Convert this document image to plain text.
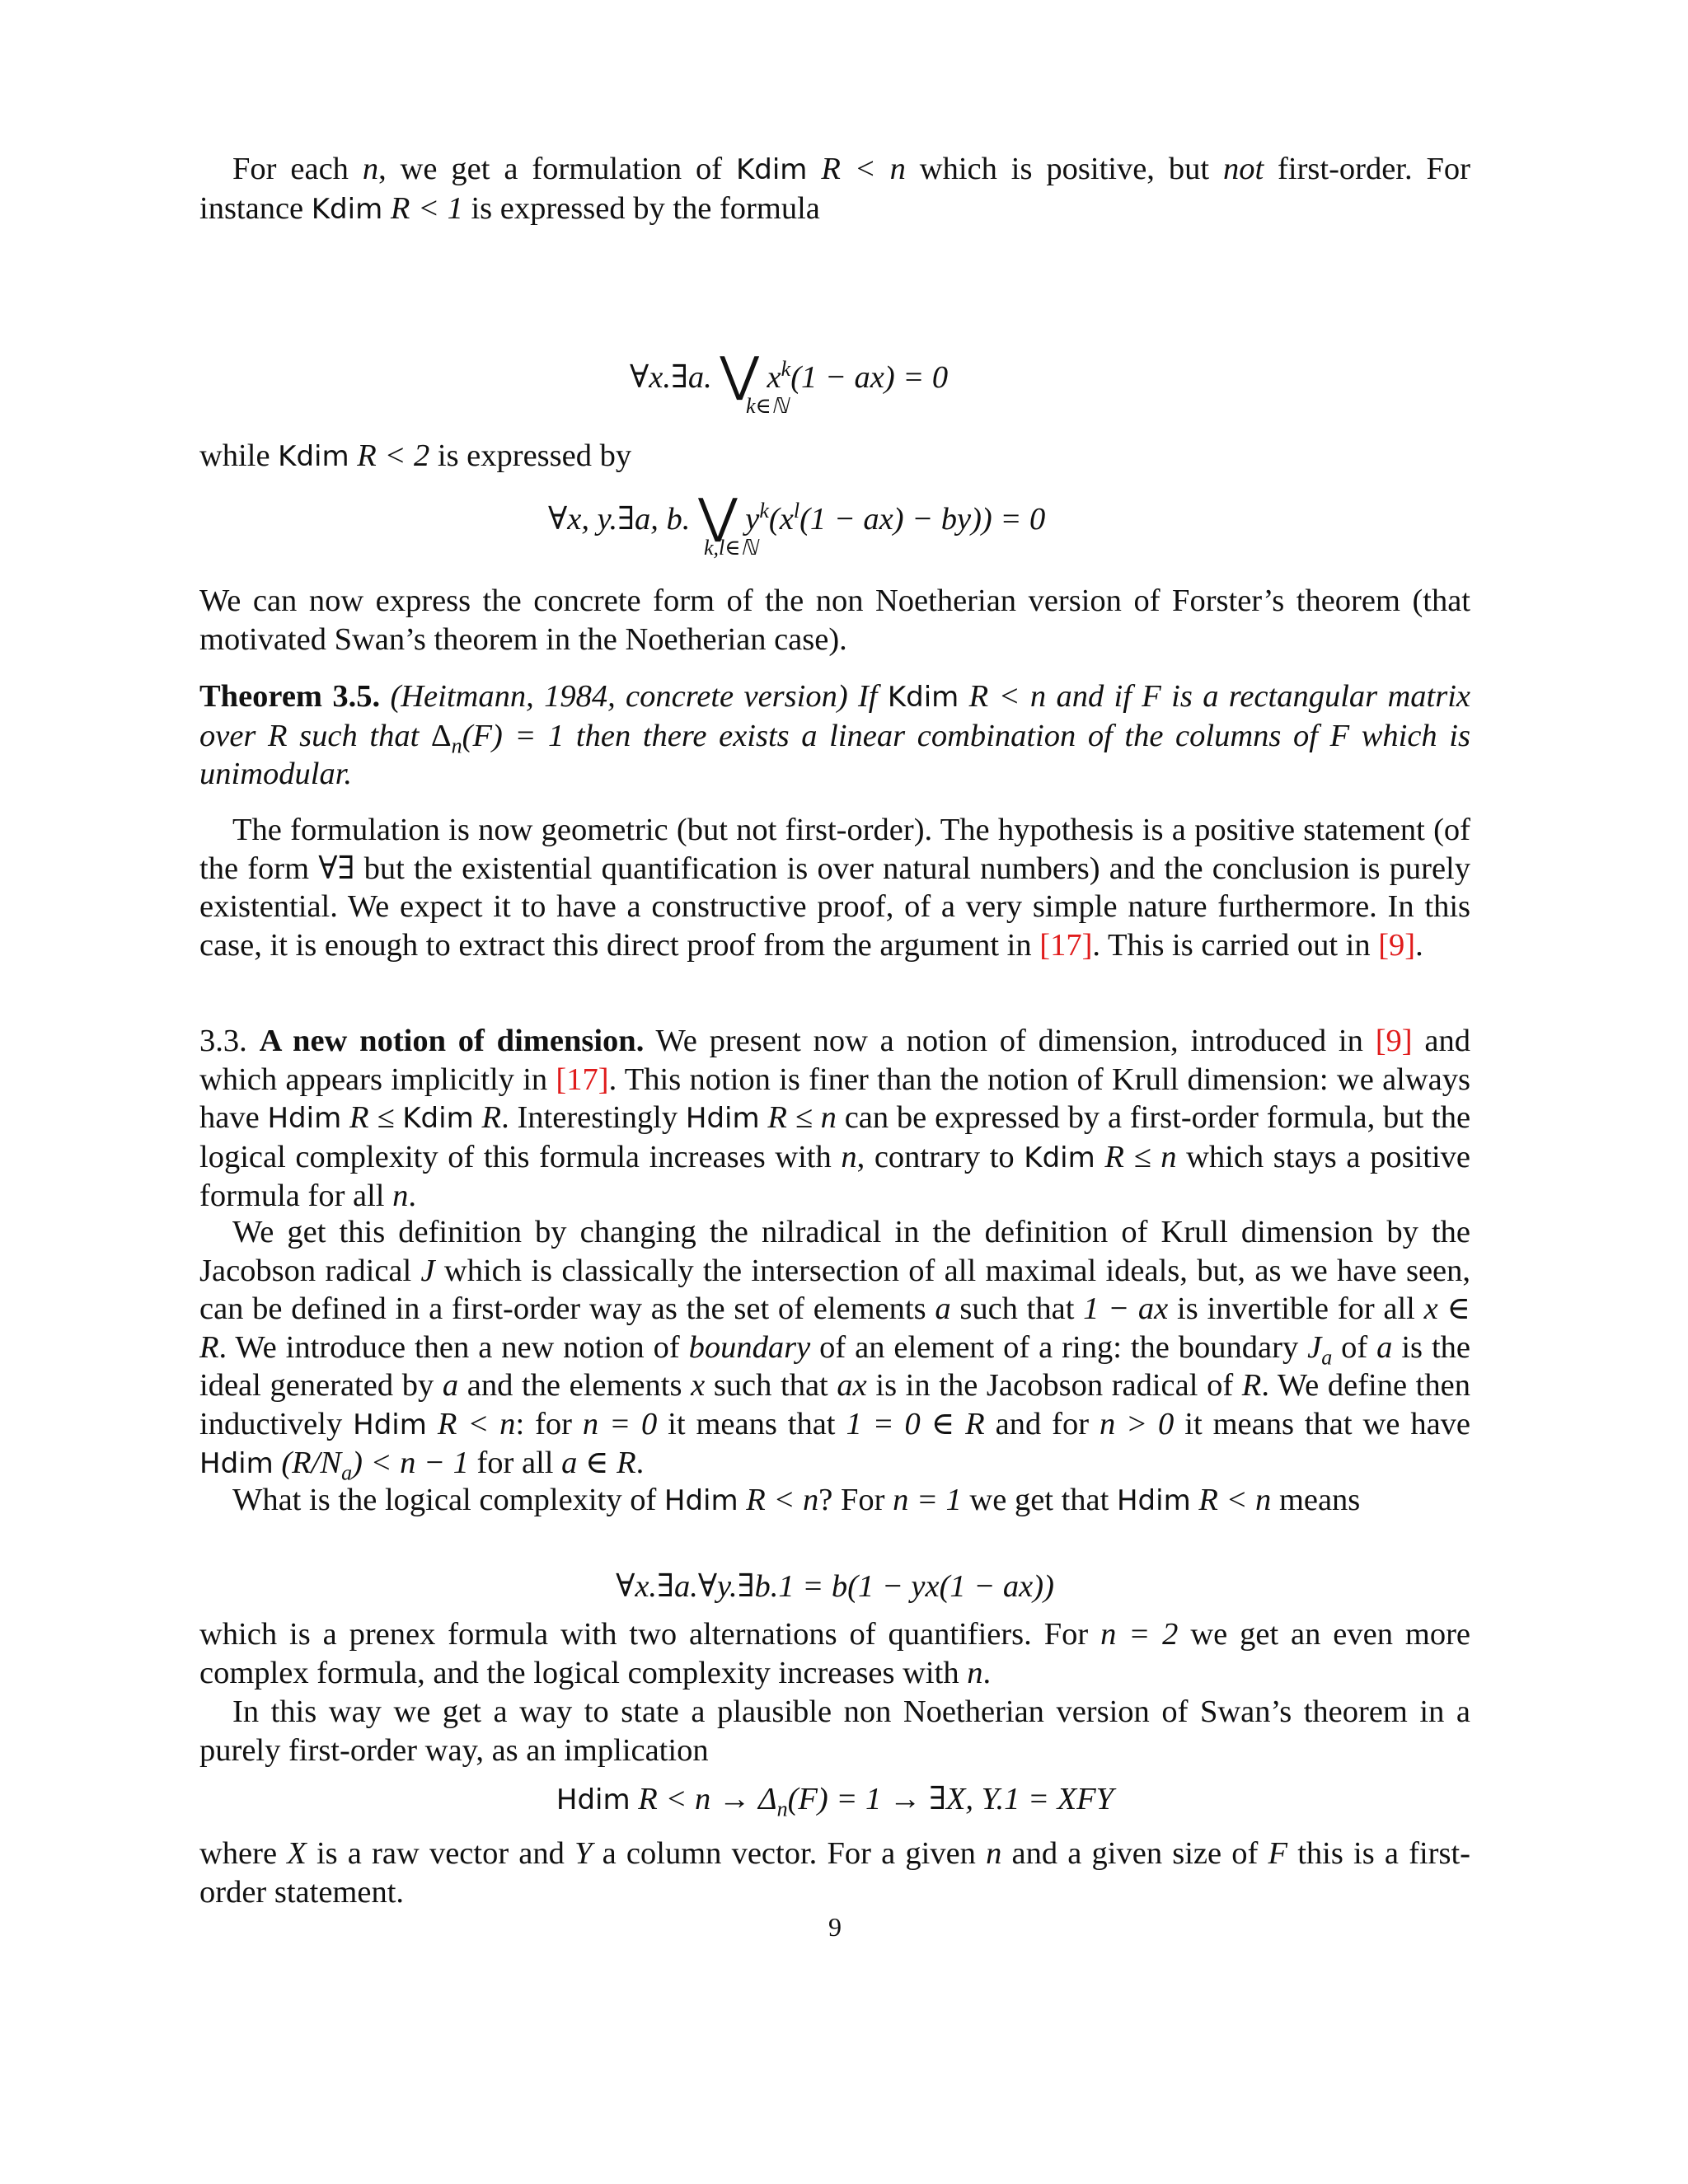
For each n, we get a formulation of Kdim R < n which is positive, but not first-order. For instance Kdim R < 1 is expressed by the formula

∀x.∃a. ⋁ $x^k(1 - ax) = 0$
k∈ℕ

while Kdim R < 2 is expressed by

∀x, y.∃a, b. ⋁ $y^k(x^l(1 - ax) - by)) = 0$
k,l∈ℕ

We can now express the concrete form of the non Noetherian version of Forster’s theorem (that motivated Swan’s theorem in the Noetherian case).

Theorem 3.5. (Heitmann, 1984, concrete version) If Kdim R < n and if F is a rectangular matrix over R such that $\Delta_n(F) = 1$ then there exists a linear combination of the columns of F which is unimodular.

The formulation is now geometric (but not first-order). The hypothesis is a positive statement (of the form ∀∃ but the existential quantification is over natural numbers) and the conclusion is purely existential. We expect it to have a constructive proof, of a very simple nature furthermore. In this case, it is enough to extract this direct proof from the argument in [17]. This is carried out in [9].

3.3. A new notion of dimension. We present now a notion of dimension, introduced in [9] and which appears implicitly in [17]. This notion is finer than the notion of Krull dimension: we always have Hdim R ≤ Kdim R. Interestingly Hdim R ≤ n can be expressed by a first-order formula, but the logical complexity of this formula increases with n, contrary to Kdim R ≤ n which stays a positive formula for all n.

We get this definition by changing the nilradical in the definition of Krull dimension by the Jacobson radical J which is classically the intersection of all maximal ideals, but, as we have seen, can be defined in a first-order way as the set of elements a such that 1 − ax is invertible for all x ∈ R. We introduce then a new notion of boundary of an element of a ring: the boundary $J_a$ of a is the ideal generated by a and the elements x such that ax is in the Jacobson radical of R. We define then inductively Hdim R < n: for n = 0 it means that 1 = 0 ∈ R and for n > 0 it means that we have Hdim $(R/N_a) < n - 1$ for all a ∈ R.

What is the logical complexity of Hdim R < n? For n = 1 we get that Hdim R < n means

∀x.∃a.∀y.∃b.1 = b(1 − yx(1 − ax))

which is a prenex formula with two alternations of quantifiers. For n = 2 we get an even more complex formula, and the logical complexity increases with n.

In this way we get a way to state a plausible non Noetherian version of Swan’s theorem in a purely first-order way, as an implication

Hdim $R < n \to \Delta_n(F) = 1$ → ∃X, Y.1 = XFY

where X is a raw vector and Y a column vector. For a given n and a given size of F this is a first-order statement.

9
